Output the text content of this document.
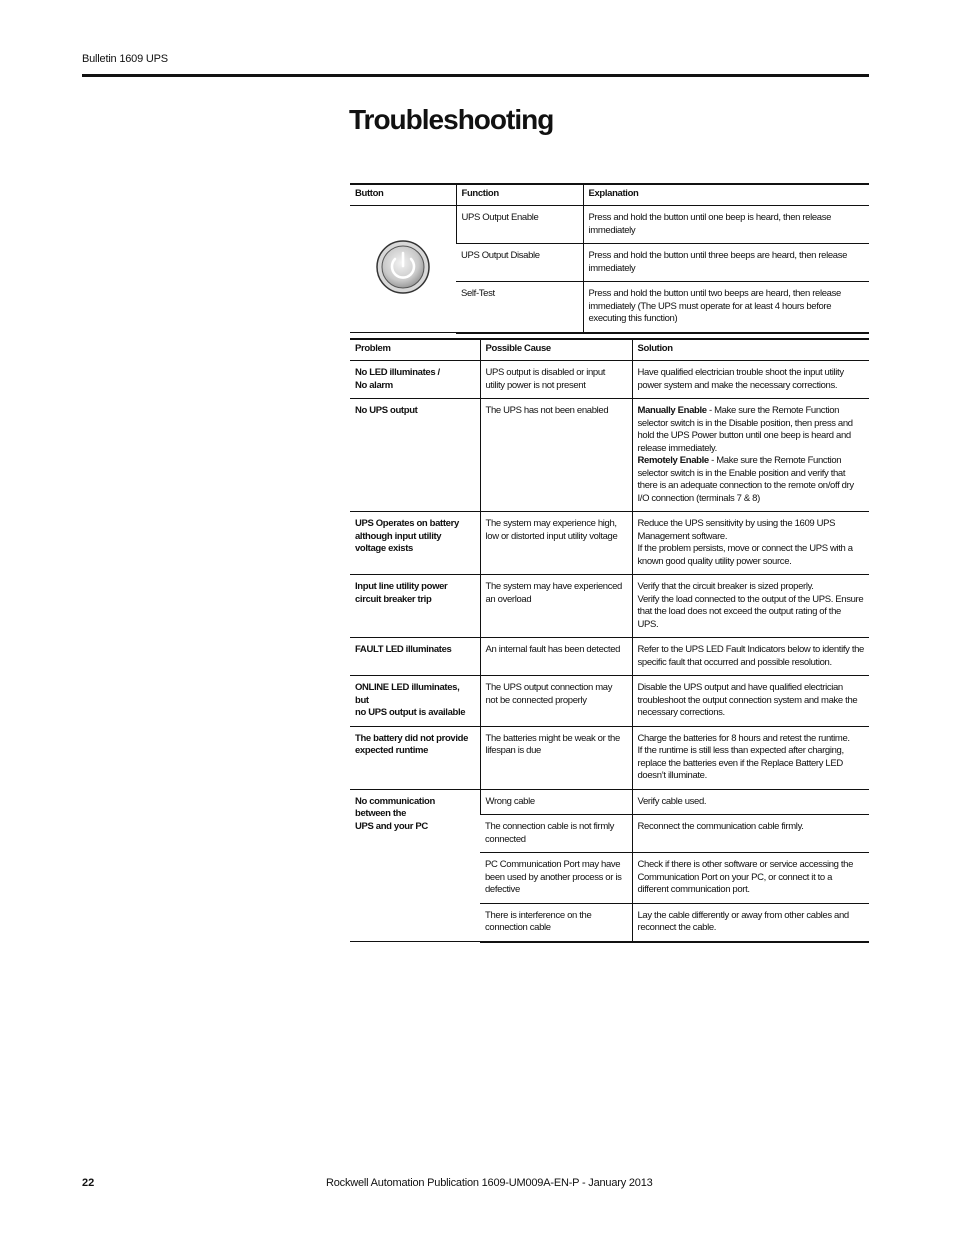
Bulletin 1609 UPS
Troubleshooting
Button	Function	Explanation
	UPS Output Enable	Press and hold the button until one beep is heard, then release immediately
	UPS Output Disable	Press and hold the button until three beeps are heard, then release immediately
	Self-Test	Press and hold the button until two beeps are heard, then release immediately (The UPS must operate for at least 4 hours before executing this function)
Problem	Possible Cause	Solution

No LED illuminates /
No alarm	UPS output is disabled or input utility power is not present	Have qualified electrician trouble shoot the input utility power system and make the necessary corrections.

No UPS output	The UPS has not been enabled	Manually Enable - Make sure the Remote Function selector switch is in the Disable position, then press and hold the UPS Power button until one beep is heard and release immediately.
Remotely Enable - Make sure the Remote Function selector switch is in the Enable position and verify that there is an adequate connection to the remote on/off dry I/O connection (terminals 7 & 8)

UPS Operates on battery
although input utility
voltage exists	The system may experience high, low or distorted input utility voltage	Reduce the UPS sensitivity by using the 1609 UPS Management software.
If the problem persists, move or connect the UPS with a known good quality utility power source.

Input line utility power
circuit breaker trip	The system may have experienced an overload	Verify that the circuit breaker is sized properly.
Verify the load connected to the output of the UPS. Ensure that the load does not exceed the output rating of the UPS.

FAULT LED illuminates	An internal fault has been detected	Refer to the UPS LED Fault Indicators below to identify the specific fault that occurred and possible resolution.

ONLINE LED illuminates, but
no UPS output is available	The UPS output connection may not be connected properly	Disable the UPS output and have qualified electrician troubleshoot the output connection system and make the necessary corrections.

The battery did not provide
expected runtime	The batteries might be weak or the lifespan is due	Charge the batteries for 8 hours and retest the runtime.
If the runtime is still less than expected after charging, replace the batteries even if the Replace Battery LED doesn’t illuminate.

No communication
between the
UPS and your PC	Wrong cable	Verify cable used.
	The connection cable is not firmly connected	Reconnect the communication cable firmly.
	PC Communication Port may have been used by another process or is defective	Check if there is other software or service accessing the Communication Port on your PC, or connect it to a different communication port.
	There is interference on the connection cable	Lay the cable differently or away from other cables and reconnect the cable.
22	Rockwell Automation Publication 1609-UM009A-EN-P - January 2013
